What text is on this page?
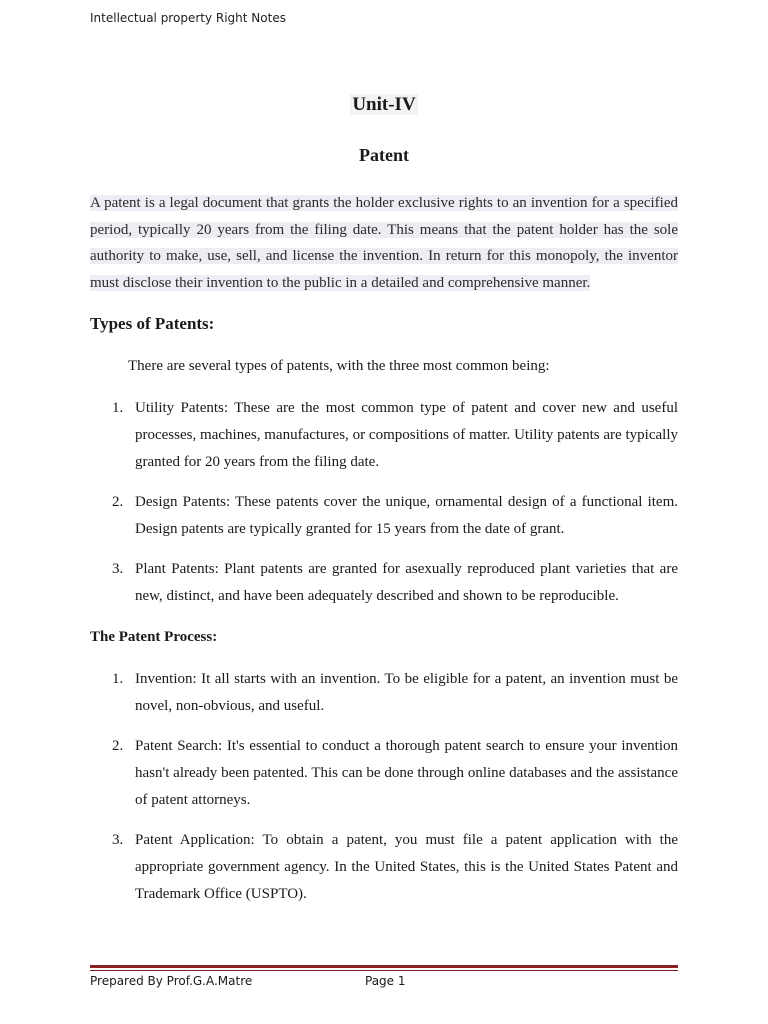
Intellectual property Right Notes
Unit-IV
Patent
A patent is a legal document that grants the holder exclusive rights to an invention for a specified period, typically 20 years from the filing date. This means that the patent holder has the sole authority to make, use, sell, and license the invention. In return for this monopoly, the inventor must disclose their invention to the public in a detailed and comprehensive manner.
Types of Patents:
There are several types of patents, with the three most common being:
1. Utility Patents: These are the most common type of patent and cover new and useful processes, machines, manufactures, or compositions of matter. Utility patents are typically granted for 20 years from the filing date.
2. Design Patents: These patents cover the unique, ornamental design of a functional item. Design patents are typically granted for 15 years from the date of grant.
3. Plant Patents: Plant patents are granted for asexually reproduced plant varieties that are new, distinct, and have been adequately described and shown to be reproducible.
The Patent Process:
1. Invention: It all starts with an invention. To be eligible for a patent, an invention must be novel, non-obvious, and useful.
2. Patent Search: It's essential to conduct a thorough patent search to ensure your invention hasn't already been patented. This can be done through online databases and the assistance of patent attorneys.
3. Patent Application: To obtain a patent, you must file a patent application with the appropriate government agency. In the United States, this is the United States Patent and Trademark Office (USPTO).
Prepared By Prof.G.A.Matre	Page 1
